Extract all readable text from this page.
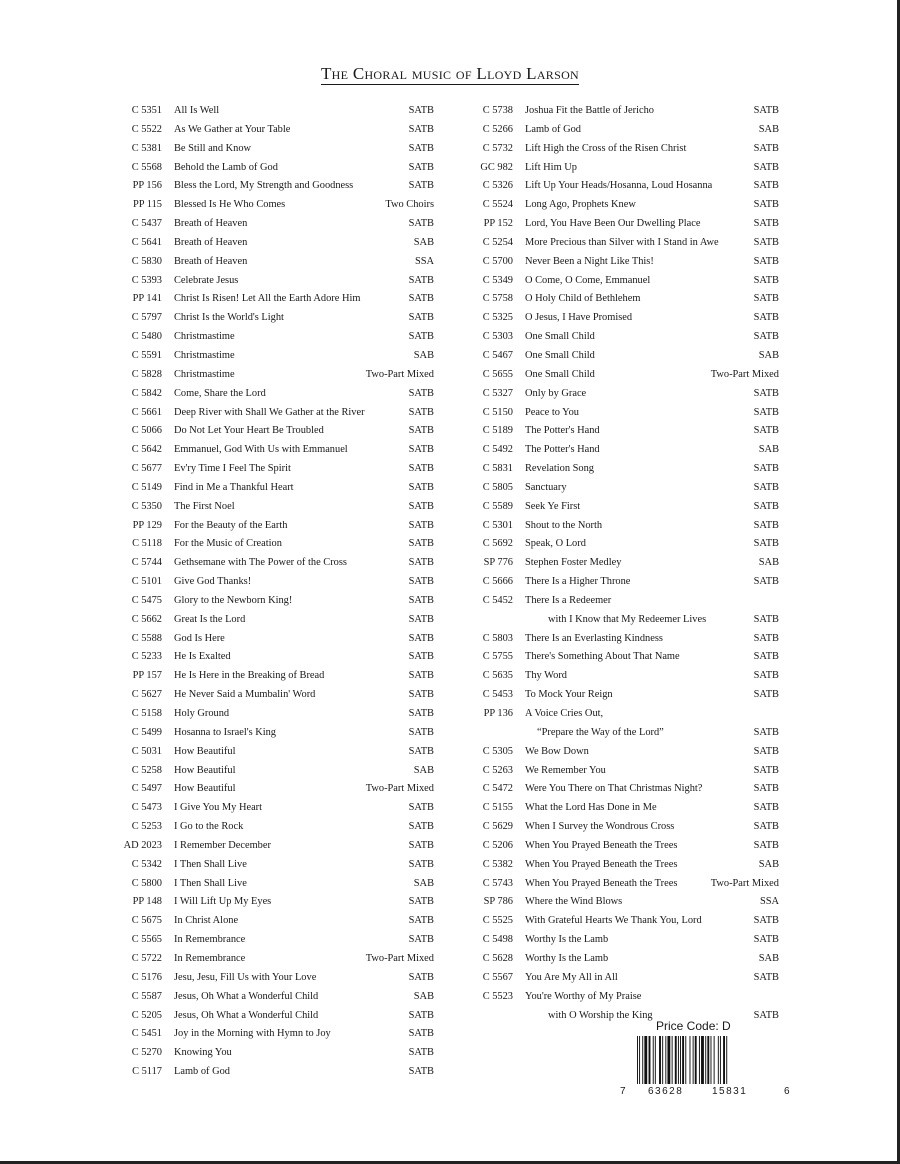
The Choral music of Lloyd Larson
C 5351 All Is Well	SATB
C 5522 As We Gather at Your Table	SATB
C 5381 Be Still and Know	SATB
C 5568 Behold the Lamb of God	SATB
PP 156 Bless the Lord, My Strength and Goodness	SATB
PP 115 Blessed Is He Who Comes	Two Choirs
C 5437 Breath of Heaven	SATB
C 5641 Breath of Heaven	SAB
C 5830 Breath of Heaven	SSA
C 5393 Celebrate Jesus	SATB
PP 141 Christ Is Risen! Let All the Earth Adore Him	SATB
C 5797 Christ Is the World's Light	SATB
C 5480 Christmastime	SATB
C 5591 Christmastime	SAB
C 5828 Christmastime	Two-Part Mixed
C 5842 Come, Share the Lord	SATB
C 5661 Deep River with Shall We Gather at the River	SATB
C 5066 Do Not Let Your Heart Be Troubled	SATB
C 5642 Emmanuel, God With Us with Emmanuel	SATB
C 5677 Ev'ry Time I Feel The Spirit	SATB
C 5149 Find in Me a Thankful Heart	SATB
C 5350 The First Noel	SATB
PP 129 For the Beauty of the Earth	SATB
C 5118 For the Music of Creation	SATB
C 5744 Gethsemane with The Power of the Cross	SATB
C 5101 Give God Thanks!	SATB
C 5475 Glory to the Newborn King!	SATB
C 5662 Great Is the Lord	SATB
C 5588 God Is Here	SATB
C 5233 He Is Exalted	SATB
PP 157 He Is Here in the Breaking of Bread	SATB
C 5627 He Never Said a Mumbalin' Word	SATB
C 5158 Holy Ground	SATB
C 5499 Hosanna to Israel's King	SATB
C 5031 How Beautiful	SATB
C 5258 How Beautiful	SAB
C 5497 How Beautiful	Two-Part Mixed
C 5473 I Give You My Heart	SATB
C 5253 I Go to the Rock	SATB
AD 2023 I Remember December	SATB
C 5342 I Then Shall Live	SATB
C 5800 I Then Shall Live	SAB
PP 148 I Will Lift Up My Eyes	SATB
C 5675 In Christ Alone	SATB
C 5565 In Remembrance	SATB
C 5722 In Remembrance	Two-Part Mixed
C 5176 Jesu, Jesu, Fill Us with Your Love	SATB
C 5587 Jesus, Oh What a Wonderful Child	SAB
C 5205 Jesus, Oh What a Wonderful Child	SATB
C 5451 Joy in the Morning with Hymn to Joy	SATB
C 5270 Knowing You	SATB
C 5117 Lamb of God	SATB
C 5738 Joshua Fit the Battle of Jericho	SATB
C 5266 Lamb of God	SAB
C 5732 Lift High the Cross of the Risen Christ	SATB
GC 982 Lift Him Up	SATB
C 5326 Lift Up Your Heads/Hosanna, Loud Hosanna	SATB
C 5524 Long Ago, Prophets Knew	SATB
PP 152 Lord, You Have Been Our Dwelling Place	SATB
C 5254 More Precious than Silver with I Stand in Awe	SATB
C 5700 Never Been a Night Like This!	SATB
C 5349 O Come, O Come, Emmanuel	SATB
C 5758 O Holy Child of Bethlehem	SATB
C 5325 O Jesus, I Have Promised	SATB
C 5303 One Small Child	SATB
C 5467 One Small Child	SAB
C 5655 One Small Child	Two-Part Mixed
C 5327 Only by Grace	SATB
C 5150 Peace to You	SATB
C 5189 The Potter's Hand	SATB
C 5492 The Potter's Hand	SAB
C 5831 Revelation Song	SATB
C 5805 Sanctuary	SATB
C 5589 Seek Ye First	SATB
C 5301 Shout to the North	SATB
C 5692 Speak, O Lord	SATB
SP 776 Stephen Foster Medley	SAB
C 5666 There Is a Higher Throne	SATB
C 5452 There Is a Redeemer
with I Know that My Redeemer Lives	SATB
C 5803 There Is an Everlasting Kindness	SATB
C 5755 There's Something About That Name	SATB
C 5635 Thy Word	SATB
C 5453 To Mock Your Reign	SATB
PP 136 A Voice Cries Out,
“Prepare the Way of the Lord”	SATB
C 5305 We Bow Down	SATB
C 5263 We Remember You	SATB
C 5472 Were You There on That Christmas Night?	SATB
C 5155 What the Lord Has Done in Me	SATB
C 5629 When I Survey the Wondrous Cross	SATB
C 5206 When You Prayed Beneath the Trees	SATB
C 5382 When You Prayed Beneath the Trees	SAB
C 5743 When You Prayed Beneath the Trees	Two-Part Mixed
SP 786 Where the Wind Blows	SSA
C 5525 With Grateful Hearts We Thank You, Lord	SATB
C 5498 Worthy Is the Lamb	SATB
C 5628 Worthy Is the Lamb	SAB
C 5567 You Are My All in All	SATB
C 5523 You're Worthy of My Praise
with O Worship the King	SATB
Price Code: D
7 63628	15831	6
